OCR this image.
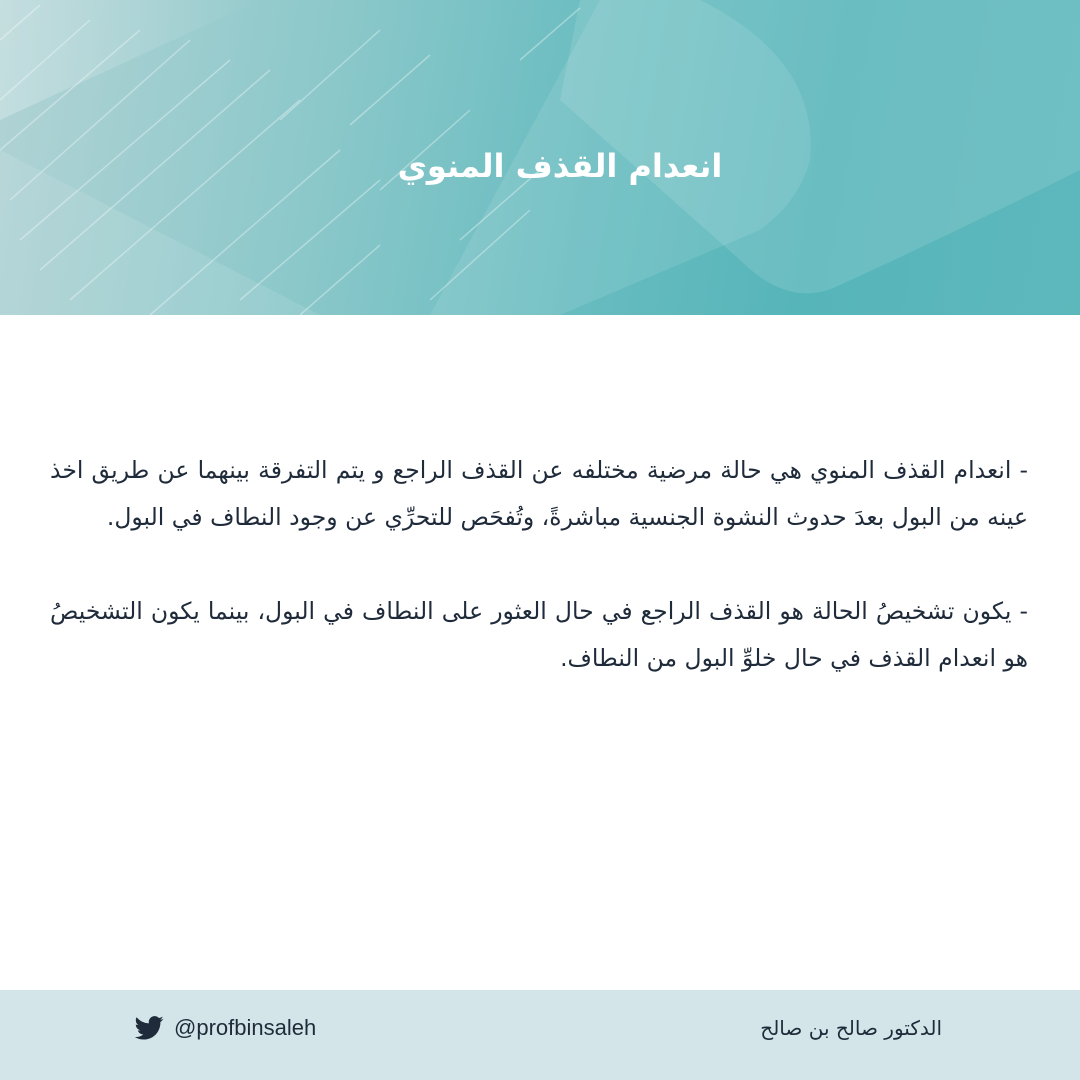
انعدام القذف المنوي

- انعدام القذف المنوي هي حالة مرضية مختلفه عن القذف الراجع و يتم التفرقة بينهما عن طريق اخذ عينه من البول بعدَ حدوث النشوة الجنسية مباشرةً، وتُفحَص للتحرِّي عن وجود النطاف في البول.

- يكون تشخيصُ الحالة هو القذف الراجع في حال العثور على النطاف في البول، بينما يكون التشخيصُ هو انعدام القذف في حال خلوِّ البول من النطاف.

@profbinsaleh	الدكتور صالح بن صالح
